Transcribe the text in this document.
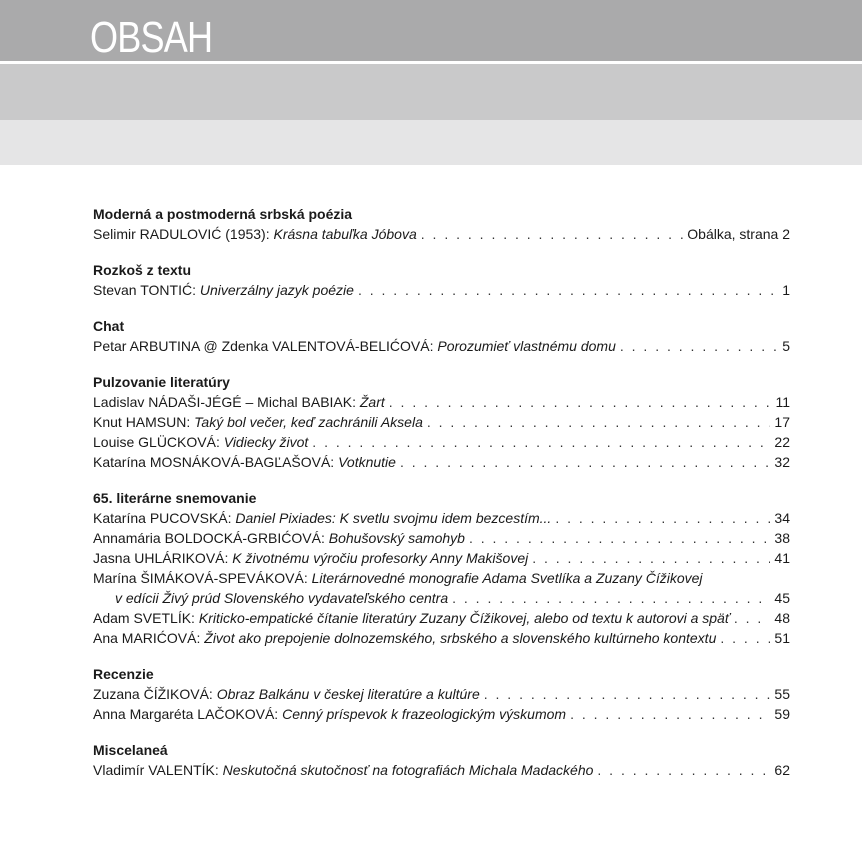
OBSAH
Moderná a postmoderná srbská poézia
Selimir RADULOVIĆ (1953): Krásna tabuľka Jóbova . . .	Obálka, strana 2
Rozkoš z textu
Stevan TONTIĆ: Univerzálny jazyk poézie . . .	1
Chat
Petar ARBUTINA @ Zdenka VALENTOVÁ-BELIĆOVÁ: Porozumieť vlastnému domu . . .	5
Pulzovanie literatúry
Ladislav NÁDAŠI-JÉGÉ – Michal BABIAK: Žart . . .	11
Knut HAMSUN: Taký bol večer, keď zachránili Aksela . . .	17
Louise GLÜCKOVÁ: Vidiecky život . . .	22
Katarína MOSNÁKOVÁ-BAGĽAŠOVÁ: Votknutie . . .	32
65. literárne snemovanie
Katarína PUCOVSKÁ: Daniel Pixiades: K svetlu svojmu idem bezcestím... . . .	34
Annamária BOLDOCKÁ-GRBIĆOVÁ: Bohušovský samohyb . . .	38
Jasna UHLÁRIKOVÁ: K životnému výročiu profesorky Anny Makišovej . . .	41
Marína ŠIMÁKOVÁ-SPEVÁKOVÁ: Literárnovedné monografie Adama Svetlíka a Zuzany Čížikovej
v edícii Živý prúd Slovenského vydavateľského centra . . .	45
Adam SVETLÍK: Kriticko-empatické čítanie literatúry Zuzany Čížikovej, alebo od textu k autorovi a späť . . .	48
Ana MARIĆOVÁ: Život ako prepojenie dolnozemského, srbského a slovenského kultúrneho kontextu . . .	51
Recenzie
Zuzana ČÍŽIKOVÁ: Obraz Balkánu v českej literatúre a kultúre . . .	55
Anna Margaréta LAČOKOVÁ: Cenný príspevok k frazeologickým výskumom . . .	59
Miscelaneá
Vladimír VALENTÍK: Neskutočná skutočnosť na fotografiách Michala Madackého . . .	62
